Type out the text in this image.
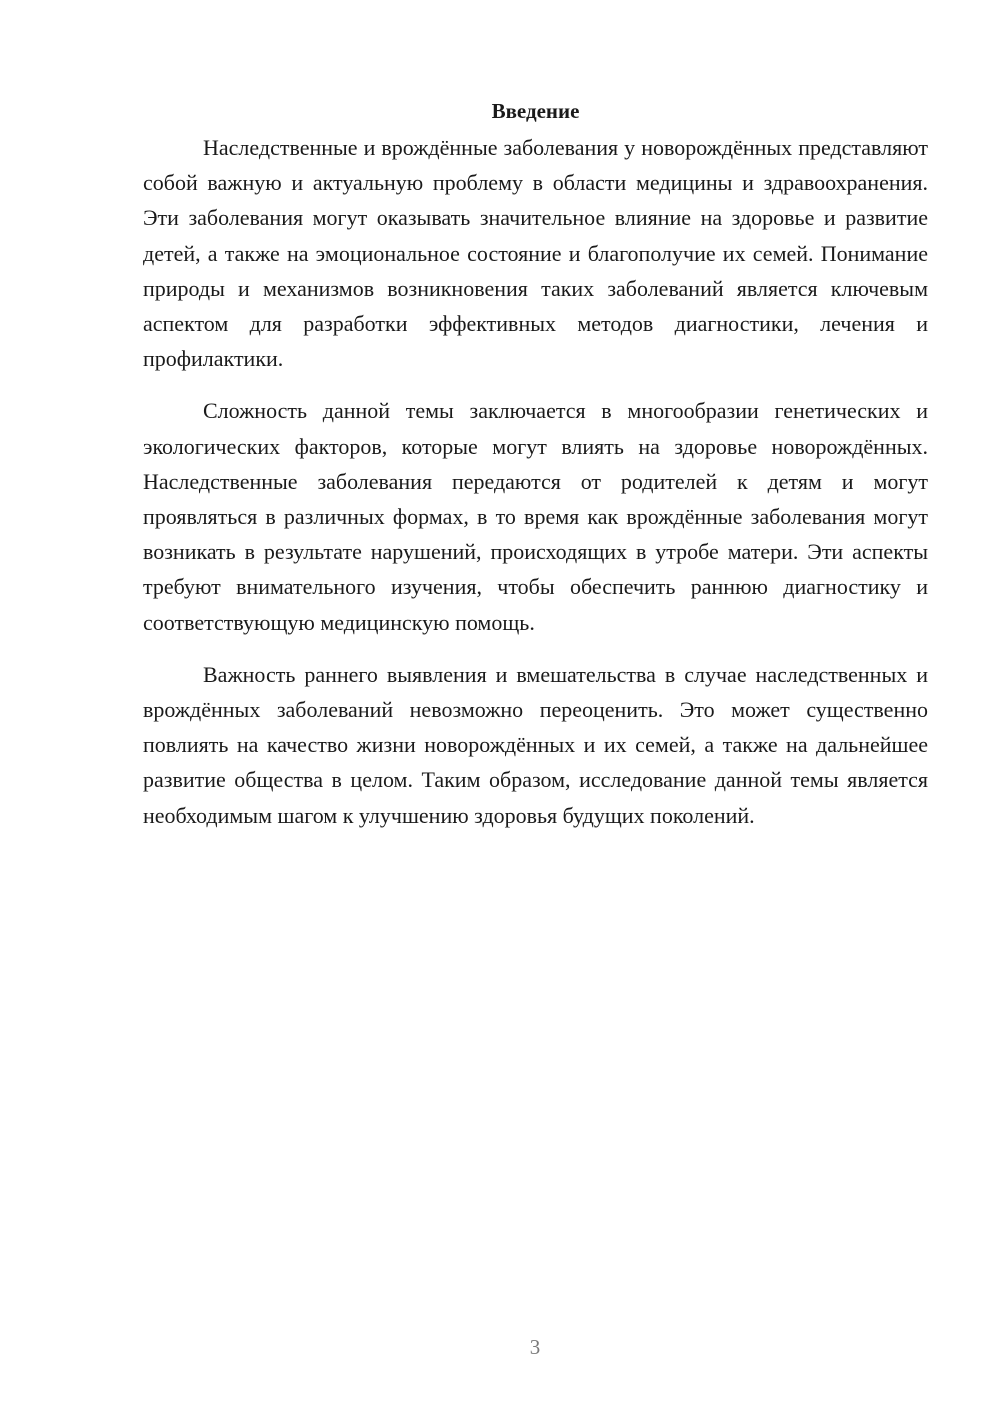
Введение

Наследственные и врождённые заболевания у новорождённых представляют собой важную и актуальную проблему в области медицины и здравоохранения. Эти заболевания могут оказывать значительное влияние на здоровье и развитие детей, а также на эмоциональное состояние и благополучие их семей. Понимание природы и механизмов возникновения таких заболеваний является ключевым аспектом для разработки эффективных методов диагностики, лечения и профилактики.

Сложность данной темы заключается в многообразии генетических и экологических факторов, которые могут влиять на здоровье новорождённых. Наследственные заболевания передаются от родителей к детям и могут проявляться в различных формах, в то время как врождённые заболевания могут возникать в результате нарушений, происходящих в утробе матери. Эти аспекты требуют внимательного изучения, чтобы обеспечить раннюю диагностику и соответствующую медицинскую помощь.

Важность раннего выявления и вмешательства в случае наследственных и врождённых заболеваний невозможно переоценить. Это может существенно повлиять на качество жизни новорождённых и их семей, а также на дальнейшее развитие общества в целом. Таким образом, исследование данной темы является необходимым шагом к улучшению здоровья будущих поколений.

3
